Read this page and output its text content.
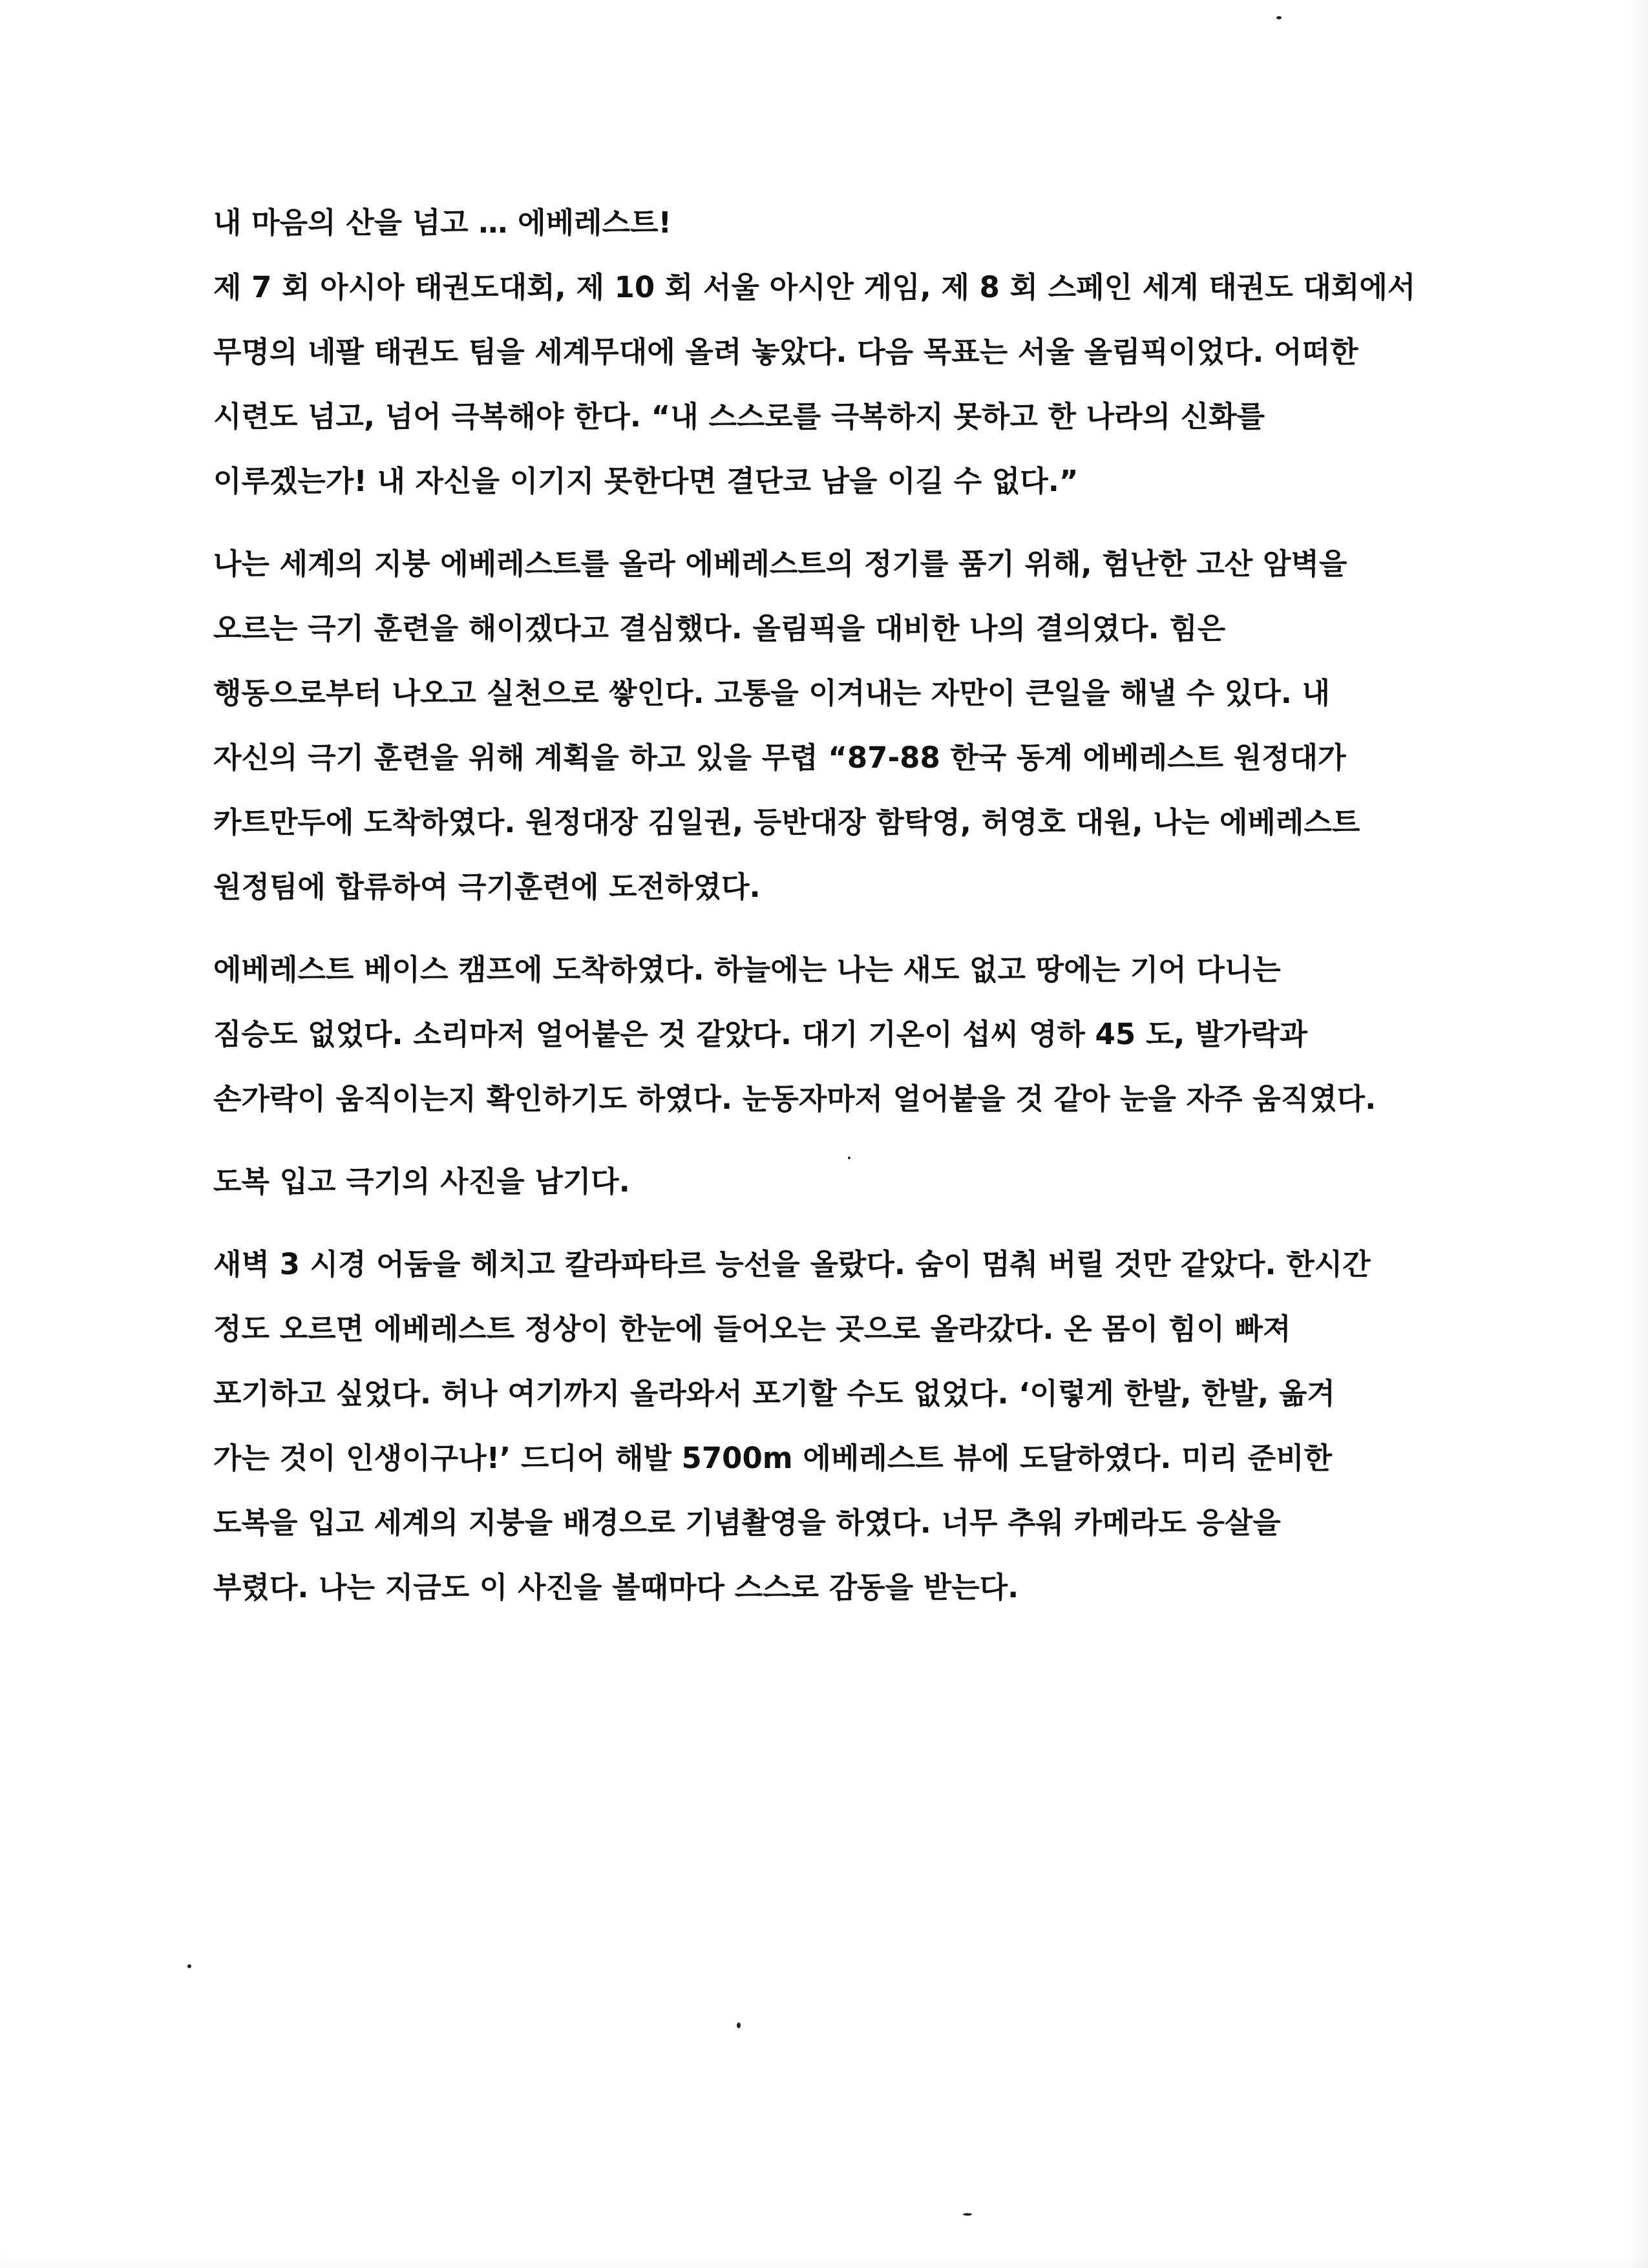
내 마음의 산을 넘고 … 에베레스트!
제 7 회 아시아 태권도대회, 제 10 회 서울 아시안 게임, 제 8 회 스페인 세계 태권도 대회에서
무명의 네팔 태권도 팀을 세계무대에 올려 놓았다. 다음 목표는 서울 올림픽이었다. 어떠한
시련도 넘고, 넘어 극복해야 한다. “내 스스로를 극복하지 못하고 한 나라의 신화를
이루겠는가! 내 자신을 이기지 못한다면 결단코 남을 이길 수 없다.”
나는 세계의 지붕 에베레스트를 올라 에베레스트의 정기를 품기 위해, 험난한 고산 암벽을
오르는 극기 훈련을 해이겠다고 결심했다. 올림픽을 대비한 나의 결의였다. 힘은
행동으로부터 나오고 실천으로 쌓인다. 고통을 이겨내는 자만이 큰일을 해낼 수 있다. 내
자신의 극기 훈련을 위해 계획을 하고 있을 무렵 “87-88 한국 동계 에베레스트 원정대가
카트만두에 도착하였다. 원정대장 김일권, 등반대장 함탁영, 허영호 대원, 나는 에베레스트
원정팀에 합류하여 극기훈련에 도전하였다.
에베레스트 베이스 캠프에 도착하였다. 하늘에는 나는 새도 없고 땅에는 기어 다니는
짐승도 없었다. 소리마저 얼어붙은 것 같았다. 대기 기온이 섭씨 영하 45 도, 발가락과
손가락이 움직이는지 확인하기도 하였다. 눈동자마저 얼어붙을 것 같아 눈을 자주 움직였다.
도복 입고 극기의 사진을 남기다.
새벽 3 시경 어둠을 헤치고 칼라파타르 능선을 올랐다. 숨이 멈춰 버릴 것만 같았다. 한시간
정도 오르면 에베레스트 정상이 한눈에 들어오는 곳으로 올라갔다. 온 몸이 힘이 빠져
포기하고 싶었다. 허나 여기까지 올라와서 포기할 수도 없었다. ‘이렇게 한발, 한발, 옮겨
가는 것이 인생이구나!’ 드디어 해발 5700m 에베레스트 뷰에 도달하였다. 미리 준비한
도복을 입고 세계의 지붕을 배경으로 기념촬영을 하였다. 너무 추워 카메라도 응살을
부렸다. 나는 지금도 이 사진을 볼때마다 스스로 감동을 받는다.
